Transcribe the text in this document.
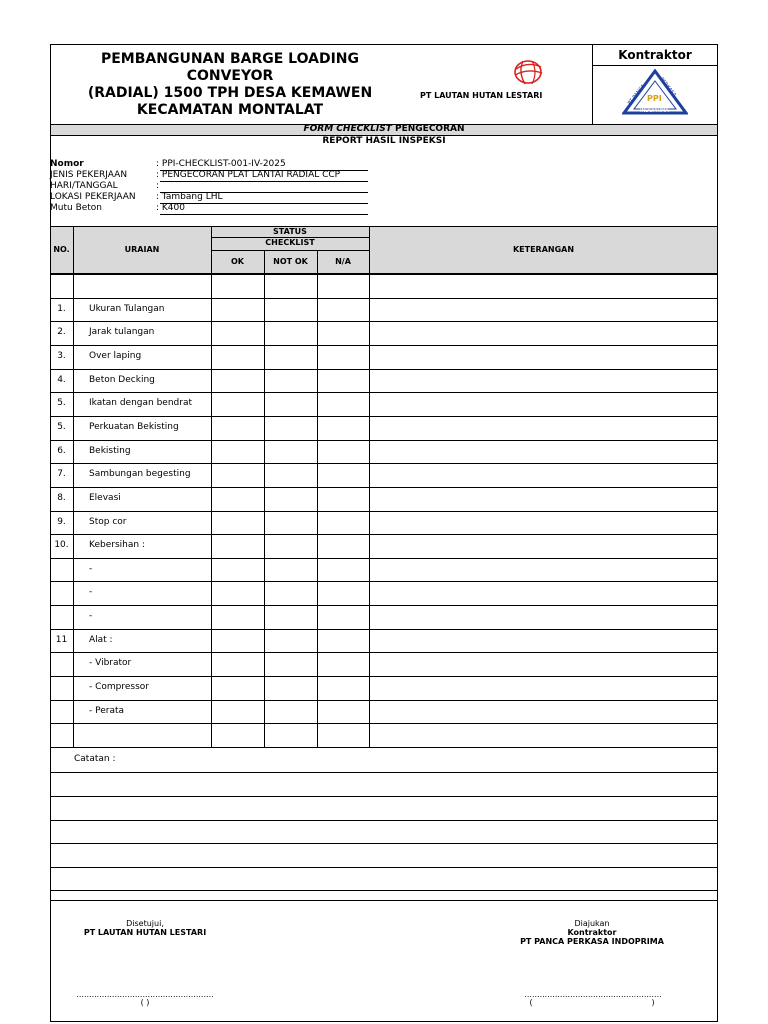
PEMBANGUNAN BARGE LOADING CONVEYOR
(RADIAL) 1500 TPH DESA KEMAWEN
KECAMATAN MONTALAT
PT LAUTAN HUTAN LESTARI
Kontraktor
PT PANCA PERKASA
PPI
INDOPRIMA
FORM CHECKLIST PENGECORAN
REPORT HASIL INSPEKSI
Nomor	: PPI-CHECKLIST-001-IV-2025
JENIS PEKERJAAN	: PENGECORAN PLAT LANTAI RADIAL CCP
HARI/TANGGAL	:
LOKASI PEKERJAAN : Tambang LHL
Mutu Beton	: K400
NO.	URAIAN
STATUS
CHECKLIST
OK	NOT OK	N/A
KETERANGAN
1.	Ukuran Tulangan
2.	Jarak tulangan
3.	Over laping
4.	Beton Decking
5.	Ikatan dengan bendrat
5.	Perkuatan Bekisting
6.	Bekisting
7.	Sambungan begesting
8.	Elevasi
9.	Stop cor
10.	Kebersihan :
-
-
-
11	Alat :
- Vibrator
- Compressor
- Perata
Catatan :
Disetujui,
PT LAUTAN HUTAN LESTARI
......................................................
( )
Diajukan
Kontraktor
PT PANCA PERKASA INDOPRIMA
......................................................
(	)
